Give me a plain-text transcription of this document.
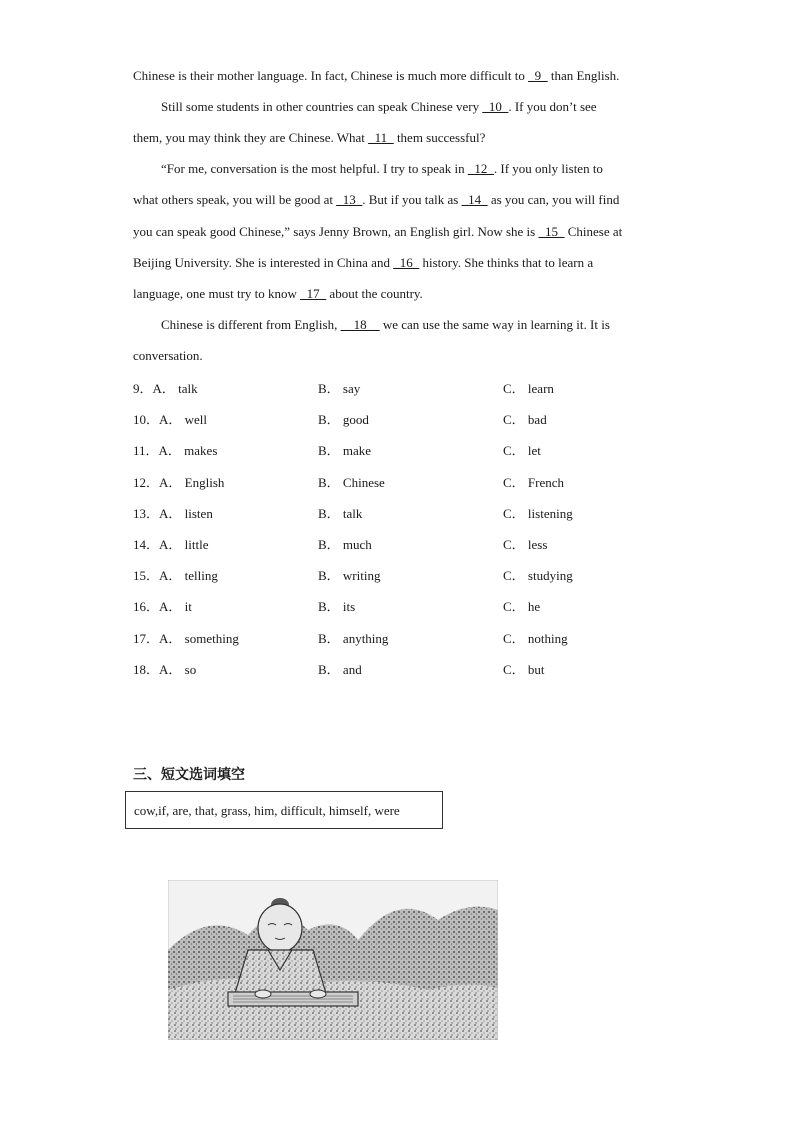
Chinese is their mother language. In fact, Chinese is much more difficult to _9_ than English.
Still some students in other countries can speak Chinese very _10_. If you don’t see
them, you may think they are Chinese. What _11_ them successful?
“For me, conversation is the most helpful. I try to speak in _12_. If you only listen to
what others speak, you will be good at _13_. But if you talk as _14_ as you can, you will find
you can speak good Chinese,” says Jenny Brown, an English girl. Now she is _15_ Chinese at
Beijing University. She is interested in China and _16_ history. She thinks that to learn a
language, one must try to know _17_ about the country.
Chinese is different from English, __18__ we can use the same way in learning it. It is
conversation.
9．A． talk	B． say	C． learn
10．A． well	B． good	C． bad
11．A． makes	B． make	C． let
12．A． English	B． Chinese	C． French
13．A． listen	B． talk	C． listening
14．A． little	B． much	C． less
15．A． telling	B． writing	C． studying
16．A． it	B． its	C． he
17．A． something	B． anything	C． nothing
18．A． so	B． and	C． but
三、短文选词填空
cow,if, are, that, grass, him, difficult, himself, were
